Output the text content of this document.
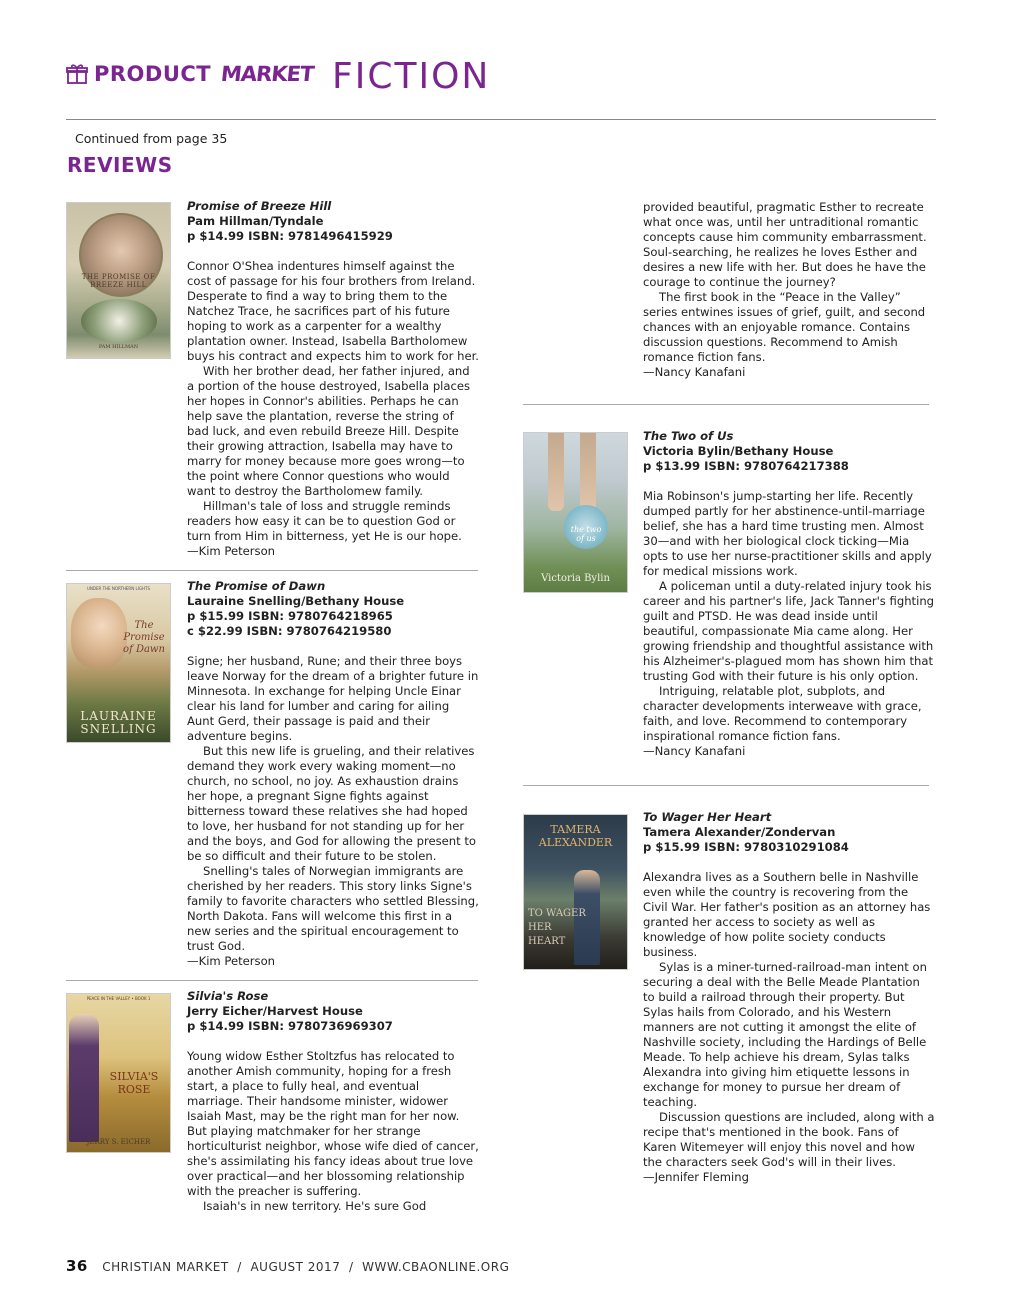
PRODUCT MARKET FICTION
Continued from page 35
REVIEWS
THE PROMISE OF BREEZE HILL
PAM HILLMAN
Promise of Breeze Hill
Pam Hillman/Tyndale
p $14.99 ISBN: 9781496415929

Connor O'Shea indentures himself against the cost of passage for his four brothers from Ireland. Desperate to find a way to bring them to the Natchez Trace, he sacrifices part of his future hoping to work as a carpenter for a wealthy plantation owner. Instead, Isabella Bartholomew buys his contract and expects him to work for her.

With her brother dead, her father injured, and a portion of the house destroyed, Isabella places her hopes in Connor's abilities. Perhaps he can help save the plantation, reverse the string of bad luck, and even rebuild Breeze Hill. Despite their growing attraction, Isabella may have to marry for money because more goes wrong—to the point where Connor questions who would want to destroy the Bartholomew family.

Hillman's tale of loss and struggle reminds readers how easy it can be to question God or turn from Him in bitterness, yet He is our hope.

—Kim Peterson

UNDER THE NORTHERN LIGHTS
The Promise of Dawn
LAURAINE SNELLING
The Promise of Dawn
Lauraine Snelling/Bethany House
p $15.99 ISBN: 9780764218965
c $22.99 ISBN: 9780764219580

Signe; her husband, Rune; and their three boys leave Norway for the dream of a brighter future in Minnesota. In exchange for helping Uncle Einar clear his land for lumber and caring for ailing Aunt Gerd, their passage is paid and their adventure begins.

But this new life is grueling, and their relatives demand they work every waking moment—no church, no school, no joy. As exhaustion drains her hope, a pregnant Signe fights against bitterness toward these relatives she had hoped to love, her husband for not standing up for her and the boys, and God for allowing the present to be so difficult and their future to be stolen.

Snelling's tales of Norwegian immigrants are cherished by her readers. This story links Signe's family to favorite characters who settled Blessing, North Dakota. Fans will welcome this first in a new series and the spiritual encouragement to trust God.

—Kim Peterson

PEACE IN THE VALLEY • BOOK 1
SILVIA'S ROSE
JERRY S. EICHER
Silvia's Rose
Jerry Eicher/Harvest House
p $14.99 ISBN: 9780736969307

Young widow Esther Stoltzfus has relocated to another Amish community, hoping for a fresh start, a place to fully heal, and eventual marriage. Their handsome minister, widower Isaiah Mast, may be the right man for her now. But playing matchmaker for her strange horticulturist neighbor, whose wife died of cancer, she's assimilating his fancy ideas about true love over practical—and her blossoming relationship with the preacher is suffering.

Isaiah's in new territory. He's sure God

provided beautiful, pragmatic Esther to recreate what once was, until her untraditional romantic concepts cause him community embarrassment. Soul-searching, he realizes he loves Esther and desires a new life with her. But does he have the courage to continue the journey?

The first book in the “Peace in the Valley” series entwines issues of grief, guilt, and second chances with an enjoyable romance. Contains discussion questions. Recommend to Amish romance fiction fans.

—Nancy Kanafani

the two of us
Victoria Bylin
The Two of Us
Victoria Bylin/Bethany House
p $13.99 ISBN: 9780764217388

Mia Robinson's jump-starting her life. Recently dumped partly for her abstinence-until-marriage belief, she has a hard time trusting men. Almost 30—and with her biological clock ticking—Mia opts to use her nurse-practitioner skills and apply for medical missions work.

A policeman until a duty-related injury took his career and his partner's life, Jack Tanner's fighting guilt and PTSD. He was dead inside until beautiful, compassionate Mia came along. Her growing friendship and thoughtful assistance with his Alzheimer's-plagued mom has shown him that trusting God with their future is his only option.

Intriguing, relatable plot, subplots, and character developments interweave with grace, faith, and love. Recommend to contemporary inspirational romance fiction fans.

—Nancy Kanafani

TAMERA ALEXANDER
TO WAGER HER HEART
To Wager Her Heart
Tamera Alexander/Zondervan
p $15.99 ISBN: 9780310291084

Alexandra lives as a Southern belle in Nashville even while the country is recovering from the Civil War. Her father's position as an attorney has granted her access to society as well as knowledge of how polite society conducts business.

Sylas is a miner-turned-railroad-man intent on securing a deal with the Belle Meade Plantation to build a railroad through their property. But Sylas hails from Colorado, and his Western manners are not cutting it amongst the elite of Nashville society, including the Hardings of Belle Meade. To help achieve his dream, Sylas talks Alexandra into giving him etiquette lessons in exchange for money to pursue her dream of teaching.

Discussion questions are included, along with a recipe that's mentioned in the book. Fans of Karen Witemeyer will enjoy this novel and how the characters seek God's will in their lives.

—Jennifer Fleming

36 CHRISTIAN MARKET  /  AUGUST 2017  /  WWW.CBAONLINE.ORG
